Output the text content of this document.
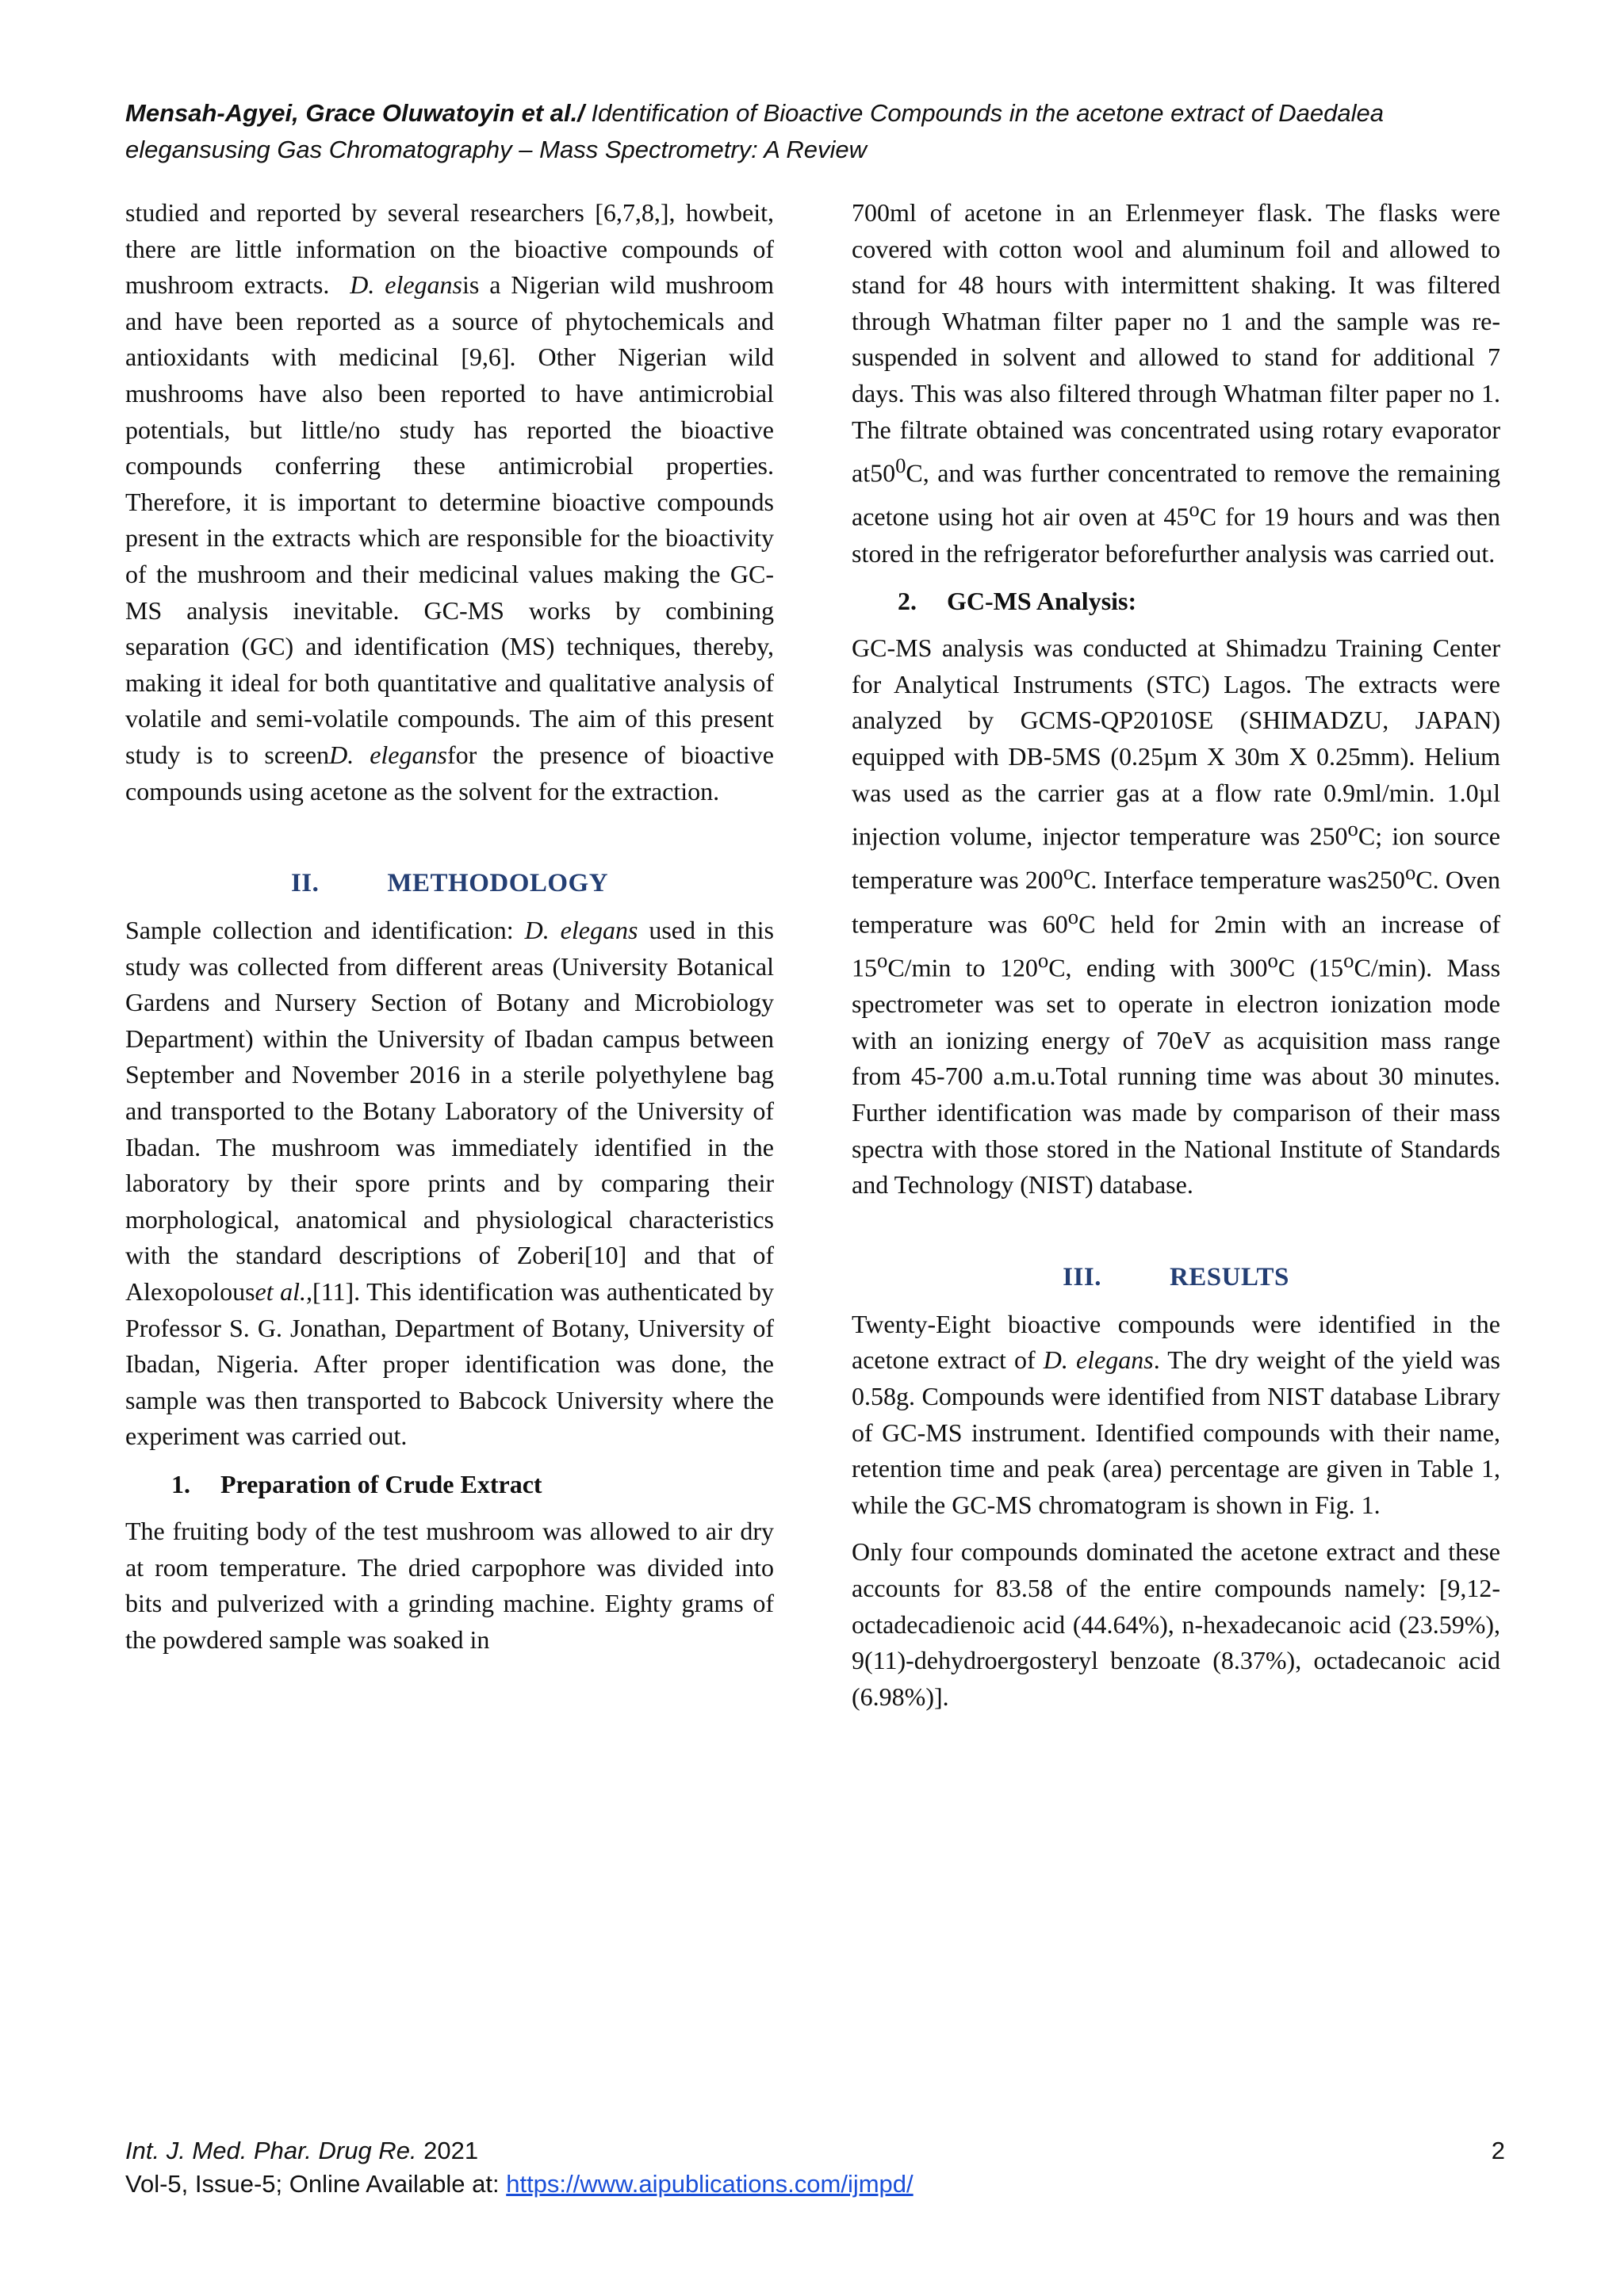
Mensah-Agyei, Grace Oluwatoyin et al./ Identification of Bioactive Compounds in the acetone extract of Daedalea elegansusing Gas Chromatography – Mass Spectrometry: A Review

studied and reported by several researchers [6,7,8,], howbeit, there are little information on the bioactive compounds of mushroom extracts. D. elegansis a Nigerian wild mushroom and have been reported as a source of phytochemicals and antioxidants with medicinal [9,6]. Other Nigerian wild mushrooms have also been reported to have antimicrobial potentials, but little/no study has reported the bioactive compounds conferring these antimicrobial properties. Therefore, it is important to determine bioactive compounds present in the extracts which are responsible for the bioactivity of the mushroom and their medicinal values making the GC-MS analysis inevitable. GC-MS works by combining separation (GC) and identification (MS) techniques, thereby, making it ideal for both quantitative and qualitative analysis of volatile and semi-volatile compounds. The aim of this present study is to screenD. elegansfor the presence of bioactive compounds using acetone as the solvent for the extraction.

II.	METHODOLOGY

Sample collection and identification: D. elegans used in this study was collected from different areas (University Botanical Gardens and Nursery Section of Botany and Microbiology Department) within the University of Ibadan campus between September and November 2016 in a sterile polyethylene bag and transported to the Botany Laboratory of the University of Ibadan. The mushroom was immediately identified in the laboratory by their spore prints and by comparing their morphological, anatomical and physiological characteristics with the standard descriptions of Zoberi[10] and that of Alexopolouset al.,[11]. This identification was authenticated by Professor S. G. Jonathan, Department of Botany, University of Ibadan, Nigeria. After proper identification was done, the sample was then transported to Babcock University where the experiment was carried out.

1. Preparation of Crude Extract

The fruiting body of the test mushroom was allowed to air dry at room temperature. The dried carpophore was divided into bits and pulverized with a grinding machine. Eighty grams of the powdered sample was soaked in

700ml of acetone in an Erlenmeyer flask. The flasks were covered with cotton wool and aluminum foil and allowed to stand for 48 hours with intermittent shaking. It was filtered through Whatman filter paper no 1 and the sample was re-suspended in solvent and allowed to stand for additional 7 days. This was also filtered through Whatman filter paper no 1. The filtrate obtained was concentrated using rotary evaporator $at50^0C$, and was further concentrated to remove the remaining acetone using hot air oven at 45$^o$C for 19 hours and was then stored in the refrigerator beforefurther analysis was carried out.

2. GC-MS Analysis:

GC-MS analysis was conducted at Shimadzu Training Center for Analytical Instruments (STC) Lagos. The extracts were analyzed by GCMS-QP2010SE (SHIMADZU, JAPAN) equipped with DB-5MS (0.25µm X 30m X 0.25mm). Helium was used as the carrier gas at a flow rate 0.9ml/min. 1.0µl injection volume, injector temperature was 250$^o$C; ion source temperature was 200$^o$C. Interface temperature was250$^o$C. Oven temperature was 60$^o$C held for 2min with an increase of 15$^o$C/min to 120$^o$C, ending with 300$^o$C (15$^o$C/min). Mass spectrometer was set to operate in electron ionization mode with an ionizing energy of 70eV as acquisition mass range from 45-700 a.m.u.Total running time was about 30 minutes. Further identification was made by comparison of their mass spectra with those stored in the National Institute of Standards and Technology (NIST) database.

III.	RESULTS

Twenty-Eight bioactive compounds were identified in the acetone extract of D. elegans. The dry weight of the yield was 0.58g. Compounds were identified from NIST database Library of GC-MS instrument. Identified compounds with their name, retention time and peak (area) percentage are given in Table 1, while the GC-MS chromatogram is shown in Fig. 1.

Only four compounds dominated the acetone extract and these accounts for 83.58 of the entire compounds namely: [9,12- octadecadienoic acid (44.64%), n-hexadecanoic acid (23.59%), 9(11)-dehydroergosteryl benzoate (8.37%), octadecanoic acid (6.98%)].

Int. J. Med. Phar. Drug Re. 2021
Vol-5, Issue-5; Online Available at: https://www.aipublications.com/ijmpd/
2
